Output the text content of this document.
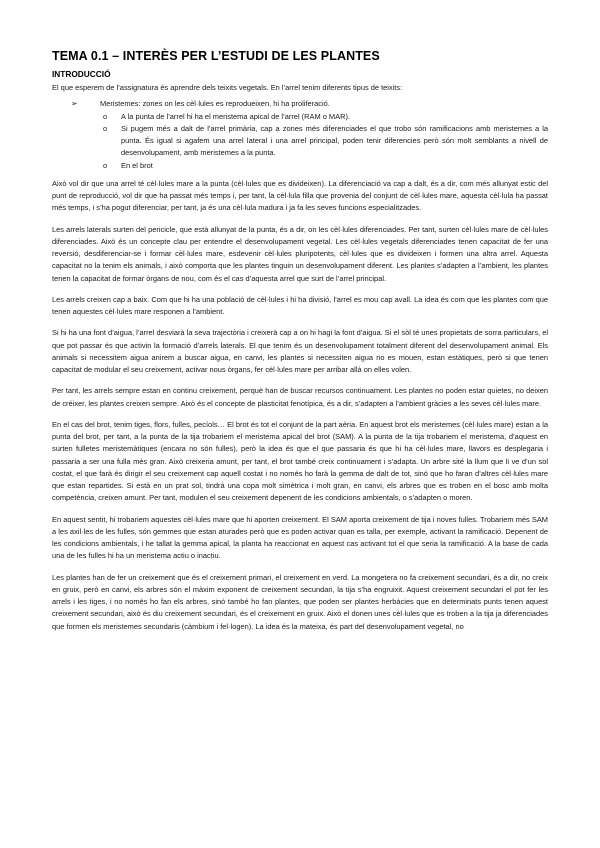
TEMA 0.1 – INTERÈS PER L’ESTUDI DE LES PLANTES
INTRODUCCIÓ

El que esperem de l’assignatura és aprendre dels teixits vegetals. En l’arrel tenim diferents tipus de teixits:

➢	Meristemes: zones on les cèl·lules es reprodueixen, hi ha proliferació.
o A la punta de l’arrel hi ha el meristema apical de l’arrel (RAM o MAR).
o Si pugem més a dalt de l’arrel primària, cap a zones més diferenciades el que trobo són ramificacions amb meristemes a la punta. És igual si agafem una arrel lateral i una arrel principal, poden tenir diferencies però són molt semblants a nivell de desenvolupament, amb meristemes a la punta.
o En el brot

Això vol dir que una arrel té cèl·lules mare a la punta (cèl·lules que es divideixen). La diferenciació va cap a dalt, és a dir, com més allunyat estic del punt de reproducció, vol dir que ha passat més temps i, per tant, la cèl·lula filla que provenia del conjunt de cèl·lules mare, aquesta cèl·lula ha passat més temps, i s’ha pogut diferenciar, per tant, ja és una cèl·lula madura i ja fa les seves funcions especialitzades.

Les arrels laterals surten del pericicle, que està allunyat de la punta, és a dir, on les cèl·lules diferenciades. Per tant, surten cèl·lules mare de cèl·lules diferenciades. Això és un concepte clau per entendre el desenvolupament vegetal. Les cèl·lules vegetals diferenciades tenen capacitat de fer una reversió, desdiferenciar-se i formar cèl·lules mare, esdevenir cèl·lules pluripotents, cèl·lules que es divideixen i formen una altra arrel. Aquesta capacitat no la tenim els animals, i això comporta que les plantes tinguin un desenvolupament diferent. Les plantes s’adapten a l’ambient, les plantes tenen la capacitat de formar òrgans de nou, com és el cas d’aquesta arrel que surt de l’arrel principal.

Les arrels creixen cap a baix. Com que hi ha una població de cèl·lules i hi ha divisió, l’arrel es mou cap avall. La idea és com que les plantes com que tenen aquestes cèl·lules mare responen a l’ambient.

Si hi ha una font d’aigua, l’arrel desviarà la seva trajectòria i creixerà cap a on hi hagi la font d’aigua. Si el sòl té unes propietats de sorra particulars, el que pot passar és que activin la formació d’arrels laterals. El que tenim és un desenvolupament totalment diferent del desenvolupament animal. Els animals si necessitem aigua anirem a buscar aigua, en canvi, les plantes si necessiten aigua no es mouen, estan estàtiques, però si que tenen capacitat de modular el seu creixement, activar nous òrgans, fer cèl·lules mare per arribar allà on elles volen.

Per tant, les arrels sempre estan en continu creixement, perquè han de buscar recursos continuament. Les plantes no poden estar quietes, no deixen de créixer, les plantes creixen sempre. Això és el concepte de plasticitat fenotípica, és a dir, s’adapten a l’ambient gràcies a les seves cèl·lules mare.

En el cas del brot, tenim tiges, flors, fulles, pecíols… El brot és tot el conjunt de la part aèria. En aquest brot els meristemes (cèl·lules mare) estan a la punta del brot, per tant, a la punta de la tija trobariem el meristema apical del brot (SAM). A la punta de la tija trobariem el meristema, d’aquest en surten fulletes meristemàtiques (encara no són fulles), però la idea és que el que passaria és que hi ha cèl·lules mare, llavors es desplegaria i passaria a ser una fulla més gran. Això creixeria amunt, per tant, el brot també creix continuament i s’adapta. Un arbre sité la llum que li ve d’un sol costat, el que farà és dirigir el seu creixement cap aquell costat i no només ho farà la gemma de dalt de tot, sinó que ho faran d’altres cèl·lules mare que estan repartides. Si està en un prat sol, tindrà una copa molt simètrica i molt gran, en canvi, els arbres que es troben en el bosc amb molta competència, creixen amunt. Per tant, modulen el seu creixement depenent de les condicions ambientals, o s’adapten o moren.

En aquest sentit, hi trobariem aquestes cèl·lules mare que hi aporten creixement. El SAM aporta creixement de tija i noves fulles. Trobariem més SAM a les axil·les de les fulles, són gemmes que estan aturades però que es poden activar quan es talla, per exemple, activant la ramificació. Depenent de les condicions ambientals, i he tallat la gemma apical, la planta ha reaccionat en aquest cas activant tot el que seria la ramificació. A la base de cada una de les fulles hi ha un meristema actiu o inactiu.

Les plantes han de fer un creixement que és el creixement primari, el creixement en verd. La mongetera no fa creixement secundari, és a dir, no creix en gruix, però en canvi, els arbres són el màxim exponent de creixement secundari, la tija s’ha engruixit. Aquest creixement secundari el pot fer les arrels i les tiges, i no només ho fan els arbres, sinó també ho fan plantes, que poden ser plantes herbàcies que en determinats punts tenen aquest creixement secundari, això és diu creixement secundari, és el creixement en gruix. Això el donen unes cèl·lules que es troben a la tija ja diferenciades que formen els meristemes secundaris (càmbium i fel·logen). La idea és la mateixa, és part del desenvolupament vegetal, no
